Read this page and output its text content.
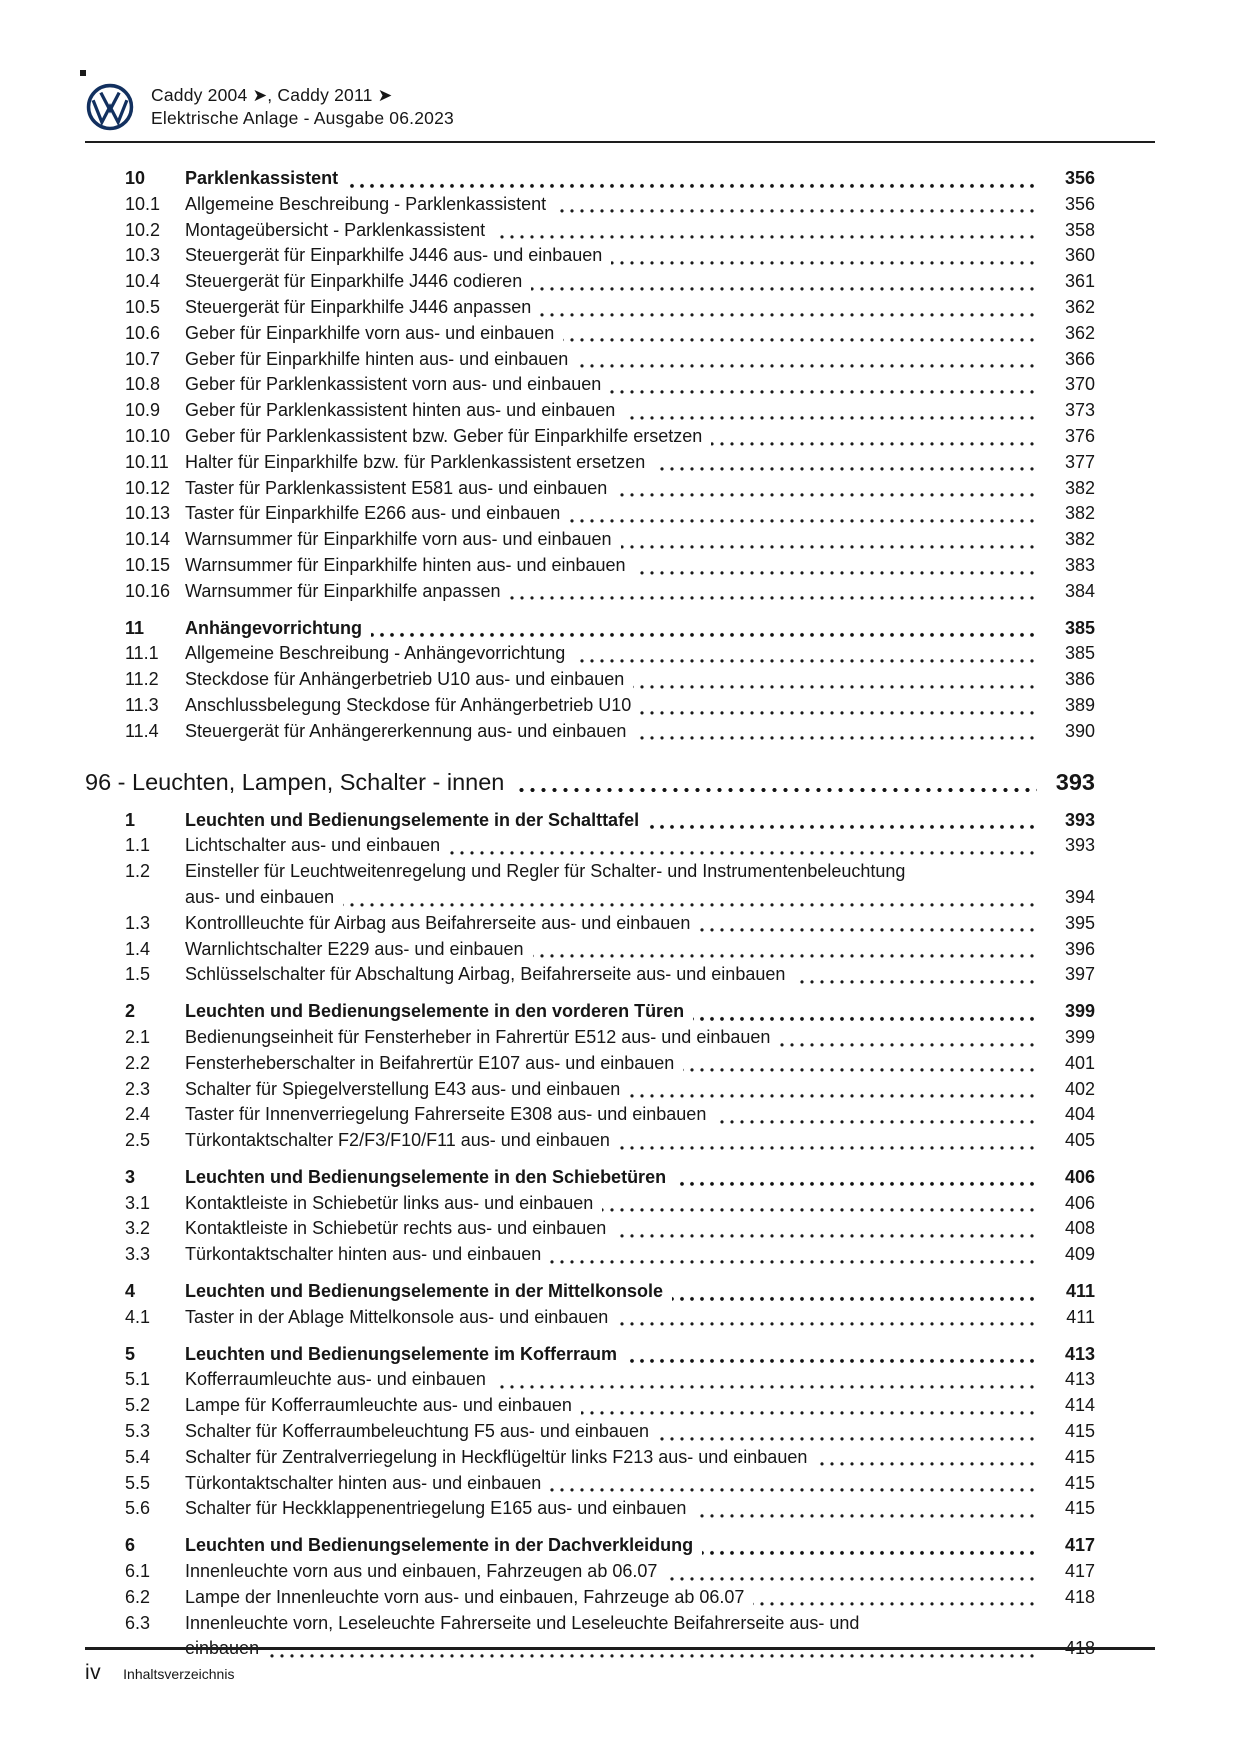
Caddy 2004 ➤, Caddy 2011 ➤
Elektrische Anlage - Ausgabe 06.2023
10	Parklenkassistent	356
10.1	Allgemeine Beschreibung - Parklenkassistent	356
10.2	Montageübersicht - Parklenkassistent	358
10.3	Steuergerät für Einparkhilfe J446 aus- und einbauen	360
10.4	Steuergerät für Einparkhilfe J446 codieren	361
10.5	Steuergerät für Einparkhilfe J446 anpassen	362
10.6	Geber für Einparkhilfe vorn aus- und einbauen	362
10.7	Geber für Einparkhilfe hinten aus- und einbauen	366
10.8	Geber für Parklenkassistent vorn aus- und einbauen	370
10.9	Geber für Parklenkassistent hinten aus- und einbauen	373
10.10 Geber für Parklenkassistent bzw. Geber für Einparkhilfe ersetzen	376
10.11 Halter für Einparkhilfe bzw. für Parklenkassistent ersetzen	377
10.12 Taster für Parklenkassistent E581 aus- und einbauen	382
10.13 Taster für Einparkhilfe E266 aus- und einbauen	382
10.14 Warnsummer für Einparkhilfe vorn aus- und einbauen	382
10.15 Warnsummer für Einparkhilfe hinten aus- und einbauen	383
10.16 Warnsummer für Einparkhilfe anpassen	384
11	Anhängevorrichtung	385
11.1	Allgemeine Beschreibung - Anhängevorrichtung	385
11.2	Steckdose für Anhängerbetrieb U10 aus- und einbauen	386
11.3	Anschlussbelegung Steckdose für Anhängerbetrieb U10	389
11.4	Steuergerät für Anhängererkennung aus- und einbauen	390
96 - Leuchten, Lampen, Schalter - innen	393
1	Leuchten und Bedienungselemente in der Schalttafel	393
1.1	Lichtschalter aus- und einbauen	393
1.2	Einsteller für Leuchtweitenregelung und Regler für Schalter- und Instrumentenbeleuchtung
aus- und einbauen	394
1.3	Kontrollleuchte für Airbag aus Beifahrerseite aus- und einbauen	395
1.4	Warnlichtschalter E229 aus- und einbauen	396
1.5	Schlüsselschalter für Abschaltung Airbag, Beifahrerseite aus- und einbauen	397
2	Leuchten und Bedienungselemente in den vorderen Türen	399
2.1	Bedienungseinheit für Fensterheber in Fahrertür E512 aus- und einbauen	399
2.2	Fensterheberschalter in Beifahrertür E107 aus- und einbauen	401
2.3	Schalter für Spiegelverstellung E43 aus- und einbauen	402
2.4	Taster für Innenverriegelung Fahrerseite E308 aus- und einbauen	404
2.5	Türkontaktschalter F2/F3/F10/F11 aus- und einbauen	405
3	Leuchten und Bedienungselemente in den Schiebetüren	406
3.1	Kontaktleiste in Schiebetür links aus- und einbauen	406
3.2	Kontaktleiste in Schiebetür rechts aus- und einbauen	408
3.3	Türkontaktschalter hinten aus- und einbauen	409
4	Leuchten und Bedienungselemente in der Mittelkonsole	411
4.1	Taster in der Ablage Mittelkonsole aus- und einbauen	411
5	Leuchten und Bedienungselemente im Kofferraum	413
5.1	Kofferraumleuchte aus- und einbauen	413
5.2	Lampe für Kofferraumleuchte aus- und einbauen	414
5.3	Schalter für Kofferraumbeleuchtung F5 aus- und einbauen	415
5.4	Schalter für Zentralverriegelung in Heckflügeltür links F213 aus- und einbauen	415
5.5	Türkontaktschalter hinten aus- und einbauen	415
5.6	Schalter für Heckklappenentriegelung E165 aus- und einbauen	415
6	Leuchten und Bedienungselemente in der Dachverkleidung	417
6.1	Innenleuchte vorn aus und einbauen, Fahrzeugen ab 06.07	417
6.2	Lampe der Innenleuchte vorn aus- und einbauen, Fahrzeuge ab 06.07	418
6.3	Innenleuchte vorn, Leseleuchte Fahrerseite und Leseleuchte Beifahrerseite aus- und
einbauen	418
iv Inhaltsverzeichnis
